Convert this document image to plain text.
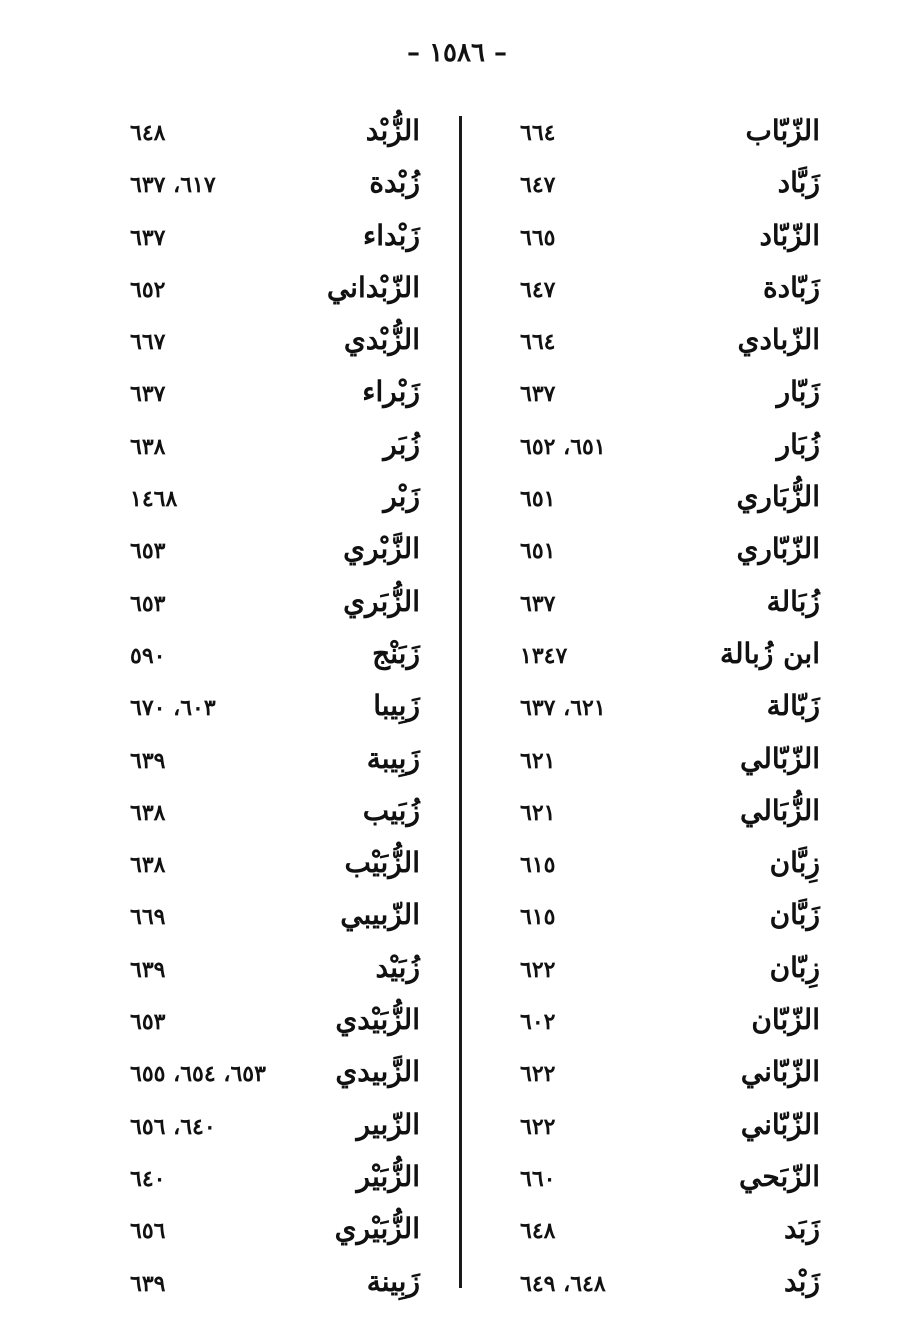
– ١٥٨٦ –
الزّبّاب
٦٦٤
زَبَّاد
٦٤٧
الزّبّاد
٦٦٥
زَبّادة
٦٤٧
الزّبادي
٦٦٤
زَبّار
٦٣٧
زُبَار
٦٥١، ٦٥٢
الزُّبَاري
٦٥١
الزّبّاري
٦٥١
زُبَالة
٦٣٧
ابن زُبالة
١٣٤٧
زَبّالة
٦٢١، ٦٣٧
الزّبّالي
٦٢١
الزُّبَالي
٦٢١
زِبَّان
٦١٥
زَبَّان
٦١٥
زِبّان
٦٢٢
الزّبّان
٦٠٢
الزّبّاني
٦٢٢
الزّبّاني
٦٢٢
الزّبَحي
٦٦٠
زَبَد
٦٤٨
زَبْد
٦٤٨، ٦٤٩
الزُّبْد
٦٤٨
زُبْدة
٦١٧، ٦٣٧
زَبْداء
٦٣٧
الزّبْداني
٦٥٢
الزُّبْدي
٦٦٧
زَبْراء
٦٣٧
زُبَر
٦٣٨
زَبْر
١٤٦٨
الزَّبْري
٦٥٣
الزُّبَري
٦٥٣
زَبَنْج
٥٩٠
زَبِيبا
٦٠٣، ٦٧٠
زَبِيبة
٦٣٩
زُبَيب
٦٣٨
الزُّبَيْب
٦٣٨
الزّبيبي
٦٦٩
زُبَيْد
٦٣٩
الزُّبَيْدي
٦٥٣
الزَّبيدي
٦٥٣، ٦٥٤، ٦٥٥
الزّبير
٦٤٠، ٦٥٦
الزُّبَيْر
٦٤٠
الزُّبَيْري
٦٥٦
زَبِينة
٦٣٩
